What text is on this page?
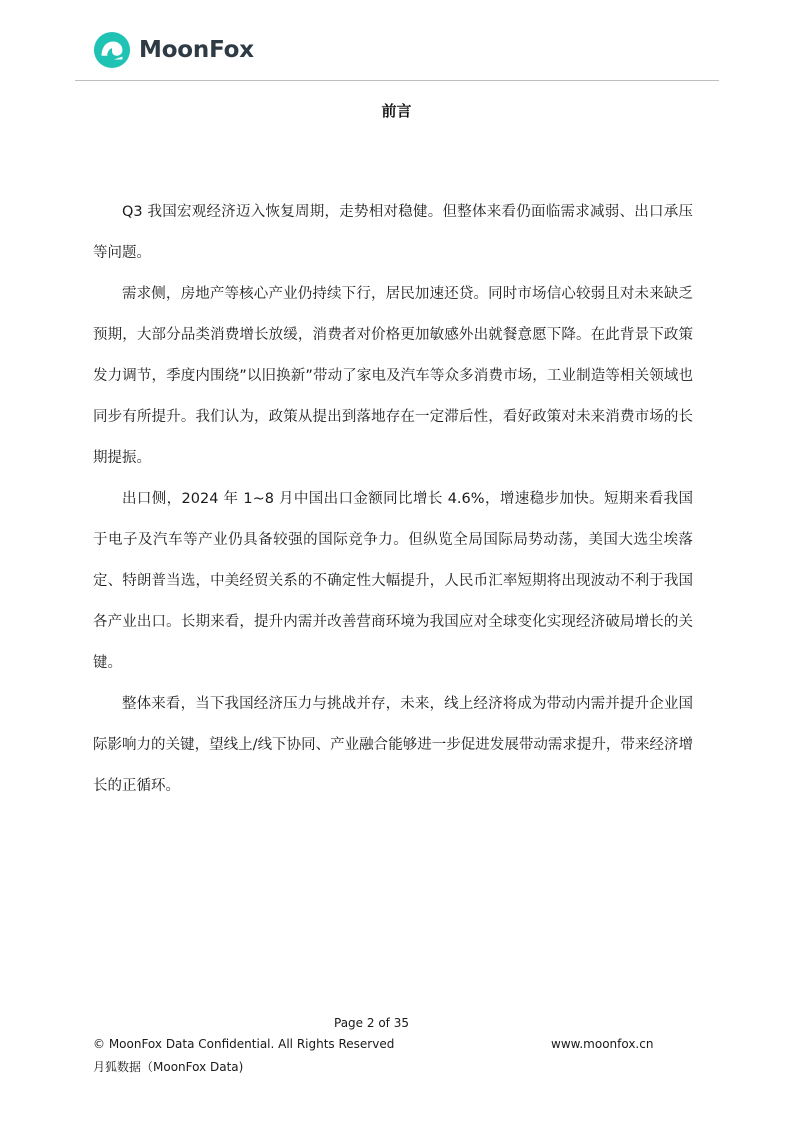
MoonFox
前言

Q3 我国宏观经济迈入恢复周期，走势相对稳健。但整体来看仍面临需求减弱、出口承压等问题。

需求侧，房地产等核心产业仍持续下行，居民加速还贷。同时市场信心较弱且对未来缺乏预期，大部分品类消费增长放缓，消费者对价格更加敏感外出就餐意愿下降。在此背景下政策发力调节，季度内围绕”以旧换新”带动了家电及汽车等众多消费市场，工业制造等相关领域也同步有所提升。我们认为，政策从提出到落地存在一定滞后性，看好政策对未来消费市场的长期提振。

出口侧，2024 年 1~8 月中国出口金额同比增长 4.6%，增速稳步加快。短期来看我国于电子及汽车等产业仍具备较强的国际竞争力。但纵览全局国际局势动荡，美国大选尘埃落定、特朗普当选，中美经贸关系的不确定性大幅提升，人民币汇率短期将出现波动不利于我国各产业出口。长期来看，提升内需并改善营商环境为我国应对全球变化实现经济破局增长的关键。

整体来看，当下我国经济压力与挑战并存，未来，线上经济将成为带动内需并提升企业国际影响力的关键，望线上/线下协同、产业融合能够进一步促进发展带动需求提升，带来经济增长的正循环。

Page 2 of 35
© MoonFox Data Confidential. All Rights Reserved	www.moonfox.cn
月狐数据（MoonFox Data)
